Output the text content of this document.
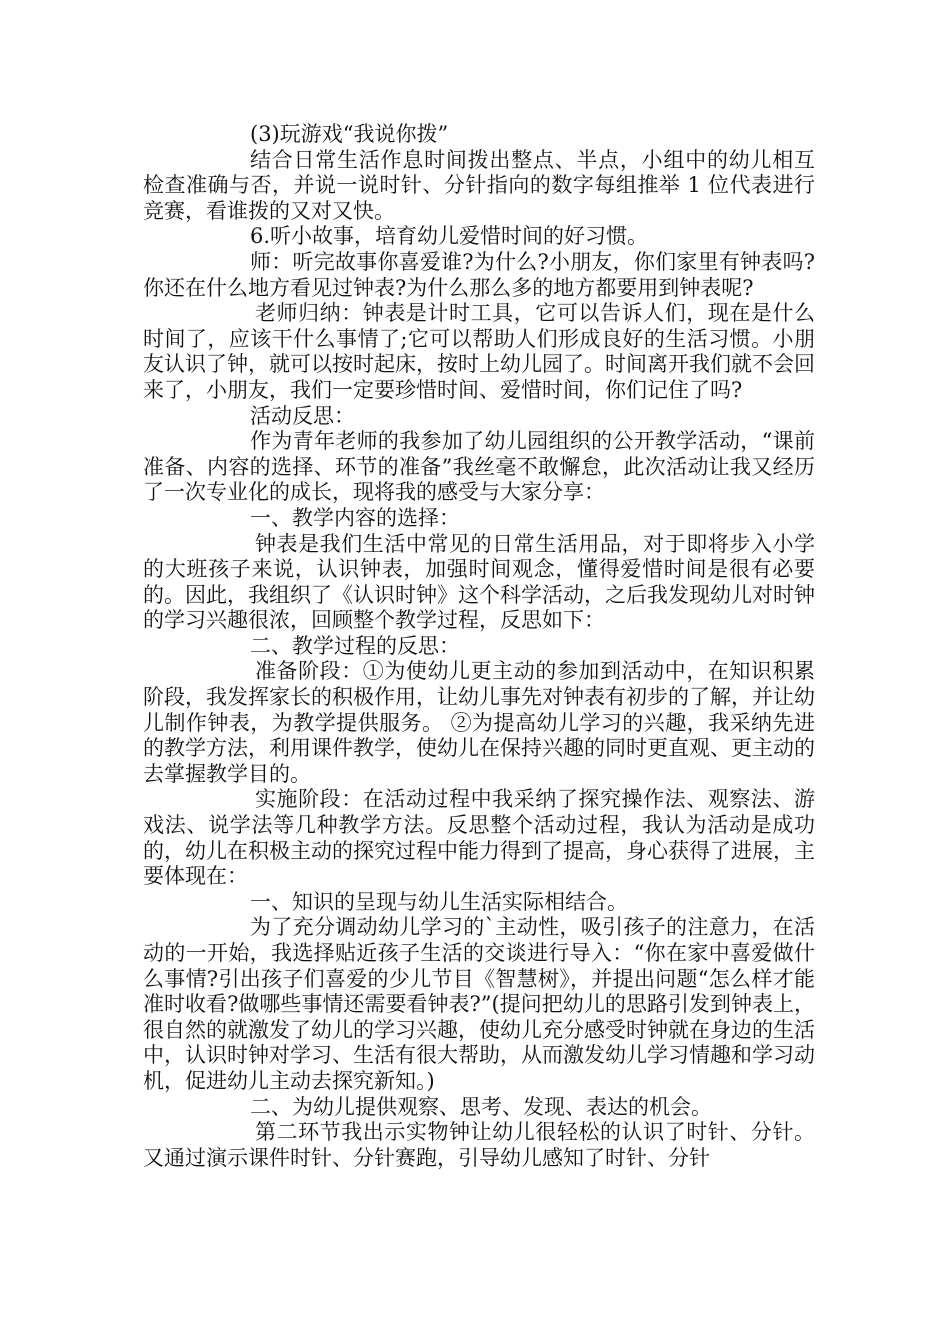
(3)玩游戏“我说你拨”

结合日常生活作息时间拨出整点、半点，小组中的幼儿相互检查准确与否，并说一说时针、分针指向的数字每组推举 1 位代表进行竞赛，看谁拨的又对又快。

6.听小故事，培育幼儿爱惜时间的好习惯。

师：听完故事你喜爱谁?为什么?小朋友，你们家里有钟表吗?你还在什么地方看见过钟表?为什么那么多的地方都要用到钟表呢?

老师归纳：钟表是计时工具，它可以告诉人们，现在是什么时间了，应该干什么事情了;它可以帮助人们形成良好的生活习惯。小朋友认识了钟，就可以按时起床，按时上幼儿园了。时间离开我们就不会回来了，小朋友，我们一定要珍惜时间、爱惜时间，你们记住了吗?

活动反思：

作为青年老师的我参加了幼儿园组织的公开教学活动，“课前准备、内容的选择、环节的准备”我丝毫不敢懈怠，此次活动让我又经历了一次专业化的成长，现将我的感受与大家分享：

一、教学内容的选择：

钟表是我们生活中常见的日常生活用品，对于即将步入小学的大班孩子来说，认识钟表，加强时间观念，懂得爱惜时间是很有必要的。因此，我组织了《认识时钟》这个科学活动，之后我发现幼儿对时钟的学习兴趣很浓，回顾整个教学过程，反思如下：

二、教学过程的反思：

准备阶段：①为使幼儿更主动的参加到活动中，在知识积累阶段，我发挥家长的积极作用，让幼儿事先对钟表有初步的了解，并让幼儿制作钟表，为教学提供服务。 ②为提高幼儿学习的兴趣，我采纳先进的教学方法，利用课件教学，使幼儿在保持兴趣的同时更直观、更主动的去掌握教学目的。

实施阶段：在活动过程中我采纳了探究操作法、观察法、游戏法、说学法等几种教学方法。反思整个活动过程，我认为活动是成功的，幼儿在积极主动的探究过程中能力得到了提高，身心获得了进展，主要体现在：

一、知识的呈现与幼儿生活实际相结合。

为了充分调动幼儿学习的`主动性，吸引孩子的注意力，在活动的一开始，我选择贴近孩子生活的交谈进行导入：“你在家中喜爱做什么事情?引出孩子们喜爱的少儿节目《智慧树》，并提出问题“怎么样才能准时收看?做哪些事情还需要看钟表?”(提问把幼儿的思路引发到钟表上，很自然的就激发了幼儿的学习兴趣，使幼儿充分感受时钟就在身边的生活中，认识时钟对学习、生活有很大帮助，从而激发幼儿学习情趣和学习动机，促进幼儿主动去探究新知。)

二、为幼儿提供观察、思考、发现、表达的机会。

第二环节我出示实物钟让幼儿很轻松的认识了时针、分针。又通过演示课件时针、分针赛跑，引导幼儿感知了时针、分针
